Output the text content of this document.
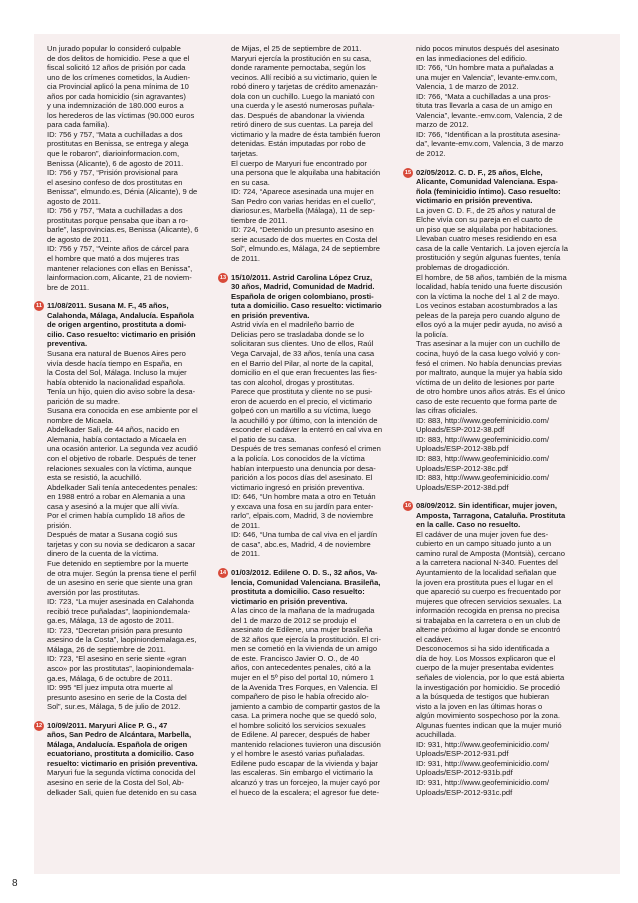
Un jurado popular lo consideró culpable

de dos delitos de homicidio. Pese a que el

fiscal solicitó 12 años de prisión por cada

uno de los crímenes cometidos, la Audien-

cia Provincial aplicó la pena mínima de 10

años por cada homicidio (sin agravantes)

y una indemnización de 180.000 euros a

los herederos de las víctimas (90.000 euros

para cada familia).

ID: 756 y 757, “Mata a cuchilladas a dos

prostitutas en Benissa, se entrega y alega

que le robaron”, diarioinformacion.com,

Benissa (Alicante), 6 de agosto de 2011.

ID: 756 y 757, “Prisión provisional para

el asesino confeso de dos prostitutas en

Benissa”, elmundo.es, Dénia (Alicante), 9 de

agosto de 2011.

ID: 756 y 757, “Mata a cuchilladas a dos

prostitutas porque pensaba que iban a ro-

barle”, lasprovincias.es, Benissa (Alicante), 6

de agosto de 2011.

ID: 756 y 757, “Veinte años de cárcel para

el hombre que mató a dos mujeres tras

mantener relaciones con ellas en Benissa”,

lainformacion.com, Alicante, 21 de noviem-

bre de 2011.

11 11/08/2011. Susana M. F., 45 años,

Calahonda, Málaga, Andalucía. Española

de origen argentino, prostituta a domi-

cilio. Caso resuelto: victimario en prisión

preventiva.

Susana era natural de Buenos Aires pero

vivía desde hacía tiempo en España, en

la Costa del Sol, Málaga. Incluso la mujer

había obtenido la nacionalidad española.

Tenía un hijo, quien dio aviso sobre la desa-

parición de su madre.

Susana era conocida en ese ambiente por el

nombre de Micaela.

Abdelkader Sali, de 44 años, nacido en

Alemania, había contactado a Micaela en

una ocasión anterior. La segunda vez acudió

con el objetivo de robarle. Después de tener

relaciones sexuales con la víctima, aunque

esta se resistió, la acuchilló.

Abdelkader Sali tenía antecedentes penales:

en 1988 entró a robar en Alemania a una

casa y asesinó a la mujer que allí vivía.

Por el crimen había cumplido 18 años de

prisión.

Después de matar a Susana cogió sus

tarjetas y con su novia se dedicaron a sacar

dinero de la cuenta de la víctima.

Fue detenido en septiembre por la muerte

de otra mujer. Según la prensa tiene el perfil

de un asesino en serie que siente una gran

aversión por las prostitutas.

ID: 723, “La mujer asesinada en Calahonda

recibió trece puñaladas”, laopiniondemala-

ga.es, Málaga, 13 de agosto de 2011.

ID: 723, “Decretan prisión para presunto

asesino de la Costa”, laopiniondemalaga.es,

Málaga, 26 de septiembre de 2011.

ID: 723, “El asesino en serie siente «gran

asco» por las prostitutas”, laopiniondemala-

ga.es, Málaga, 6 de octubre de 2011.

ID: 995 “El juez imputa otra muerte al

presunto asesino en serie de la Costa del

Sol”, sur.es, Málaga, 5 de julio de 2012.

12 10/09/2011. Maryuri Alice P. G., 47

años, San Pedro de Alcántara, Marbella,

Málaga, Andalucía. Española de origen

ecuatoriano, prostituta a domicilio. Caso

resuelto: victimario en prisión preventiva.

Maryuri fue la segunda víctima conocida del

asesino en serie de la Costa del Sol, Ab-

delkader Sali, quien fue detenido en su casa

de Mijas, el 25 de septiembre de 2011.

Maryuri ejercía la prostitución en su casa,

donde raramente pernoctaba, según los

vecinos. Allí recibió a su victimario, quien le

robó dinero y tarjetas de crédito amenazán-

dola con un cuchillo. Luego la maniató con

una cuerda y le asestó numerosas puñala-

das. Después de abandonar la vivienda

retiró dinero de sus cuentas. La pareja del

victimario y la madre de ésta también fueron

detenidas. Están imputadas por robo de

tarjetas.

El cuerpo de Maryuri fue encontrado por

una persona que le alquilaba una habitación

en su casa.

ID: 724, “Aparece asesinada una mujer en

San Pedro con varias heridas en el cuello”,

diariosur.es, Marbella (Málaga), 11 de sep-

tiembre de 2011.

ID: 724, “Detenido un presunto asesino en

serie acusado de dos muertes en Costa del

Sol”, elmundo.es, Málaga, 24 de septiembre

de 2011.

13 15/10/2011. Astrid Carolina López Cruz,

30 años, Madrid, Comunidad de Madrid.

Española de origen colombiano, prosti-

tuta a domicilio. Caso resuelto: victimario

en prisión preventiva.

Astrid vivía en el madrileño barrio de

Delicias pero se trasladaba donde se lo

solicitaran sus clientes. Uno de ellos, Raúl

Vega Carvajal, de 33 años, tenía una casa

en el Barrio del Pilar, al norte de la capital,

domicilio en el que eran frecuentes las fies-

tas con alcohol, drogas y prostitutas.

Parece que prostituta y cliente no se pusi-

eron de acuerdo en el precio, el victimario

golpeó con un martillo a su víctima, luego

la acuchilló y por último, con la intención de

esconder el cadáver la enterró en cal viva en

el patio de su casa.

Después de tres semanas confesó el crimen

a la policía. Los conocidos de la víctima

habían interpuesto una denuncia por desa-

parición a los pocos días del asesinato. El

victimario ingresó en prisión preventiva.

ID: 646, “Un hombre mata a otro en Tetuán

y excava una fosa en su jardín para enter-

rarlo”, elpais.com, Madrid, 3 de noviembre

de 2011.

ID: 646, “Una tumba de cal viva en el jardín

de casa”, abc.es, Madrid, 4 de noviembre

de 2011.

14 01/03/2012. Edilene O. D. S., 32 años, Va-

lencia, Comunidad Valenciana. Brasileña,

prostituta a domicilio. Caso resuelto:

victimario en prisión preventiva.

A las cinco de la mañana de la madrugada

del 1 de marzo de 2012 se produjo el

asesinato de Edilene, una mujer brasileña

de 32 años que ejercía la prostitución. El cri-

men se cometió en la vivienda de un amigo

de este. Francisco Javier O. O., de 40

años, con antecedentes penales, citó a la

mujer en el 5º piso del portal 10, número 1

de la Avenida Tres Forques, en Valencia. El

compañero de piso le había ofrecido alo-

jamiento a cambio de compartir gastos de la

casa. La primera noche que se quedó solo,

el hombre solicitó los servicios sexuales

de Edilene. Al parecer, después de haber

mantenido relaciones tuvieron una discusión

y el hombre le asestó varias puñaladas.

Edilene pudo escapar de la vivienda y bajar

las escaleras. Sin embargo el victimario la

alcanzó y tras un forcejeo, la mujer cayó por

el hueco de la escalera; el agresor fue dete-

nido pocos minutos después del asesinato

en las inmediaciones del edificio.

ID: 766, “Un hombre mata a puñaladas a

una mujer en Valencia”, levante-emv.com,

Valencia, 1 de marzo de 2012.

ID: 766, “Mata a cuchilladas a una pros-

tituta tras llevarla a casa de un amigo en

Valencia”, levante.-emv.com, Valencia, 2 de

marzo de 2012.

ID: 766, “Identifican a la prostituta asesina-

da”, levante-emv.com, Valencia, 3 de marzo

de 2012.

15 02/05/2012. C. D. F., 25 años, Elche,

Alicante, Comunidad Valenciana. Espa-

ñola (feminicidio íntimo). Caso resuelto:

victimario en prisión preventiva.

La joven C. D. F., de 25 años y natural de

Elche vivía con su pareja en el cuarto de

un piso que se alquilaba por habitaciones.

Llevaban cuatro meses residiendo en esa

casa de la calle Ventarich. La joven ejercía la

prostitución y según algunas fuentes, tenía

problemas de drogadicción.

El hombre, de 58 años, también de la misma

localidad, había tenido una fuerte discusión

con la víctima la noche del 1 al 2 de mayo.

Los vecinos estaban acostumbrados a las

peleas de la pareja pero cuando alguno de

ellos oyó a la mujer pedir ayuda, no avisó a

la policía.

Tras asesinar a la mujer con un cuchillo de

cocina, huyó de la casa luego volvió y con-

fesó el crimen. No había denuncias previas

por maltrato, aunque la mujer ya había sido

víctima de un delito de lesiones por parte

de otro hombre unos años atrás. Es el único

caso de este recuento que forma parte de

las cifras oficiales.

ID: 883, http://www.geofeminicidio.com/

Uploads/ESP-2012-38.pdf

ID: 883, http://www.geofeminicidio.com/

Uploads/ESP-2012-38b.pdf

ID: 883, http://www.geofeminicidio.com/

Uploads/ESP-2012-38c.pdf

ID: 883, http://www.geofeminicidio.com/

Uploads/ESP-2012-38d.pdf

16 08/09/2012. Sin identificar, mujer joven,

Amposta, Tarragona, Cataluña. Prostituta

en la calle. Caso no resuelto.

El cadáver de una mujer joven fue des-

cubierto en un campo situado junto a un

camino rural de Amposta (Montsià), cercano

a la carretera nacional N-340. Fuentes del

Ayuntamiento de la localidad señalan que

la joven era prostituta pues el lugar en el

que apareció su cuerpo es frecuentado por

mujeres que ofrecen servicios sexuales. La

información recogida en prensa no precisa

si trabajaba en la carretera o en un club de

alterne próximo al lugar donde se encontró

el cadáver.

Desconocemos si ha sido identificada a

día de hoy. Los Mossos explicaron que el

cuerpo de la mujer presentaba evidentes

señales de violencia, por lo que está abierta

la investigación por homicidio. Se procedió

a la búsqueda de testigos que hubieran

visto a la joven en las últimas horas o

algún movimiento sospechoso por la zona.

Algunas fuentes indican que la mujer murió

acuchillada.

ID: 931, http://www.geofeminicidio.com/

Uploads/ESP-2012-931.pdf

ID: 931, http://www.geofeminicidio.com/

Uploads/ESP-2012-931b.pdf

ID: 931, http://www.geofeminicidio.com/

Uploads/ESP-2012-931c.pdf

8
